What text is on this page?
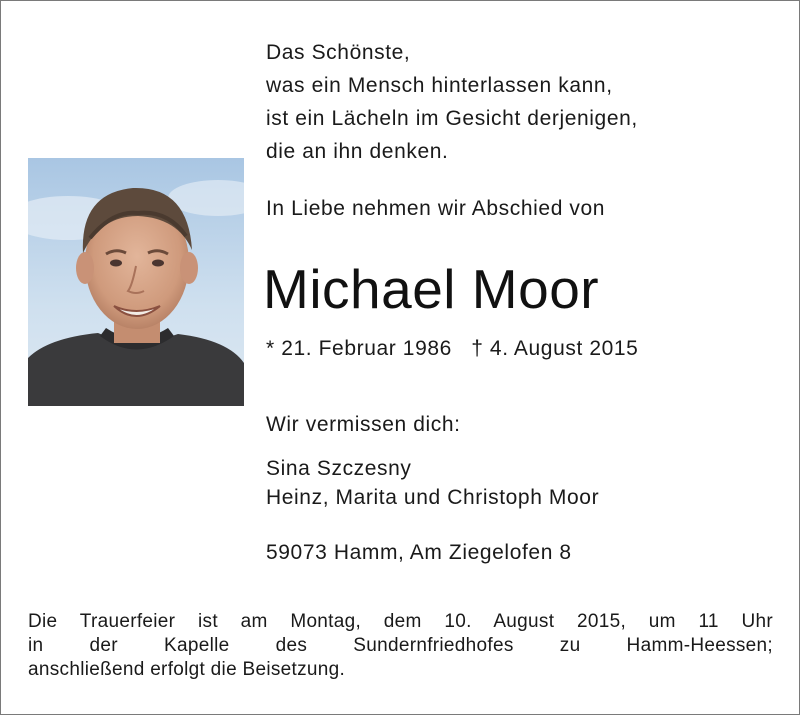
Das Schönste,
was ein Mensch hinterlassen kann,
ist ein Lächeln im Gesicht derjenigen,
die an ihn denken.
In Liebe nehmen wir Abschied von
Michael Moor
* 21. Februar 1986   † 4. August 2015
Wir vermissen dich:
Sina Szczesny
Heinz, Marita und Christoph Moor
59073 Hamm, Am Ziegelofen 8
Die Trauerfeier ist am Montag, dem 10. August 2015, um 11 Uhr
in der Kapelle des Sundernfriedhofes zu Hamm-Heessen;
anschließend erfolgt die Beisetzung.
